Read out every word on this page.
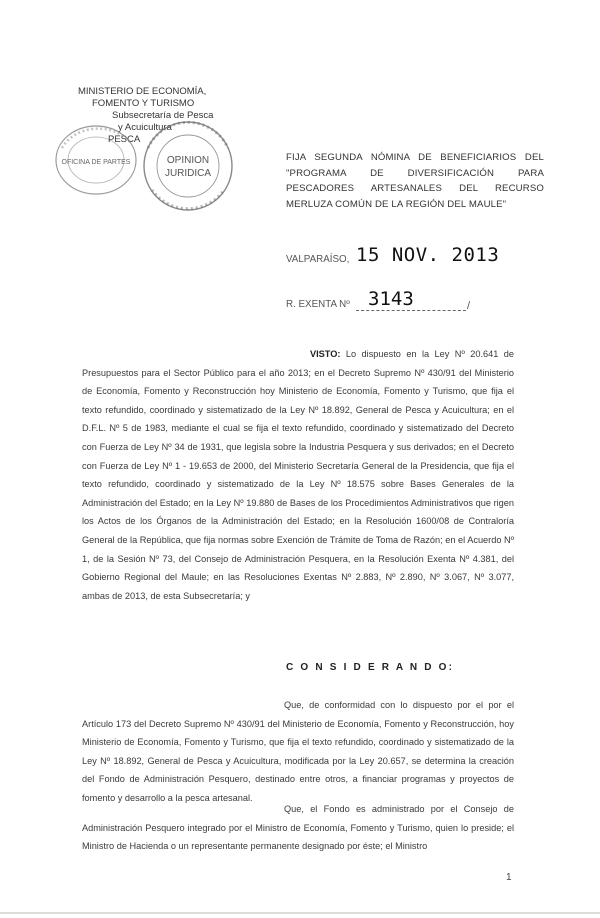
MINISTERIO DE ECONOMÍA,
FOMENTO Y TURISMO
Subsecretaría de Pesca
y Acuicultura
PESCA
OPINION
JURIDICA
OFICINA DE PARTES	FIJA SEGUNDA NÓMINA DE BENEFICIARIOS DEL "PROGRAMA DE DIVERSIFICACIÓN PARA PESCADORES ARTESANALES DEL RECURSO MERLUZA COMÚN DE LA REGIÓN DEL MAULE"
VALPARAÍSO, 15 NOV. 2013
R. EXENTA Nº 3143	/
VISTO: Lo dispuesto en la Ley Nº 20.641 de Presupuestos para el Sector Público para el año 2013; en el Decreto Supremo Nº 430/91 del Ministerio de Economía, Fomento y Reconstrucción hoy Ministerio de Economía, Fomento y Turismo, que fija el texto refundido, coordinado y sistematizado de la Ley Nº 18.892, General de Pesca y Acuicultura; en el D.F.L. Nº 5 de 1983, mediante el cual se fija el texto refundido, coordinado y sistematizado del Decreto con Fuerza de Ley Nº 34 de 1931, que legisla sobre la Industria Pesquera y sus derivados; en el Decreto con Fuerza de Ley Nº 1 - 19.653 de 2000, del Ministerio Secretaría General de la Presidencia, que fija el texto refundido, coordinado y sistematizado de la Ley Nº 18.575 sobre Bases Generales de la Administración del Estado; en la Ley Nº 19.880 de Bases de los Procedimientos Administrativos que rigen los Actos de los Órganos de la Administración del Estado; en la Resolución 1600/08 de Contraloría General de la República, que fija normas sobre Exención de Trámite de Toma de Razón; en el Acuerdo Nº 1, de la Sesión Nº 73, del Consejo de Administración Pesquera, en la Resolución Exenta Nº 4.381, del Gobierno Regional del Maule; en las Resoluciones Exentas Nº 2.883, Nº 2.890, Nº 3.067, Nº 3.077, ambas de 2013, de esta Subsecretaría; y
C O N S I D E R A N D O:
Que, de conformidad con lo dispuesto por el por el Artículo 173 del Decreto Supremo Nº 430/91 del Ministerio de Economía, Fomento y Reconstrucción, hoy Ministerio de Economía, Fomento y Turismo, que fija el texto refundido, coordinado y sistematizado de la Ley Nº 18.892, General de Pesca y Acuicultura, modificada por la Ley 20.657, se determina la creación del Fondo de Administración Pesquero, destinado entre otros, a financiar programas y proyectos de fomento y desarrollo a la pesca artesanal.
Que, el Fondo es administrado por el Consejo de Administración Pesquero integrado por el Ministro de Economía, Fomento y Turismo, quien lo preside; el Ministro de Hacienda o un representante permanente designado por éste; el Ministro
1
